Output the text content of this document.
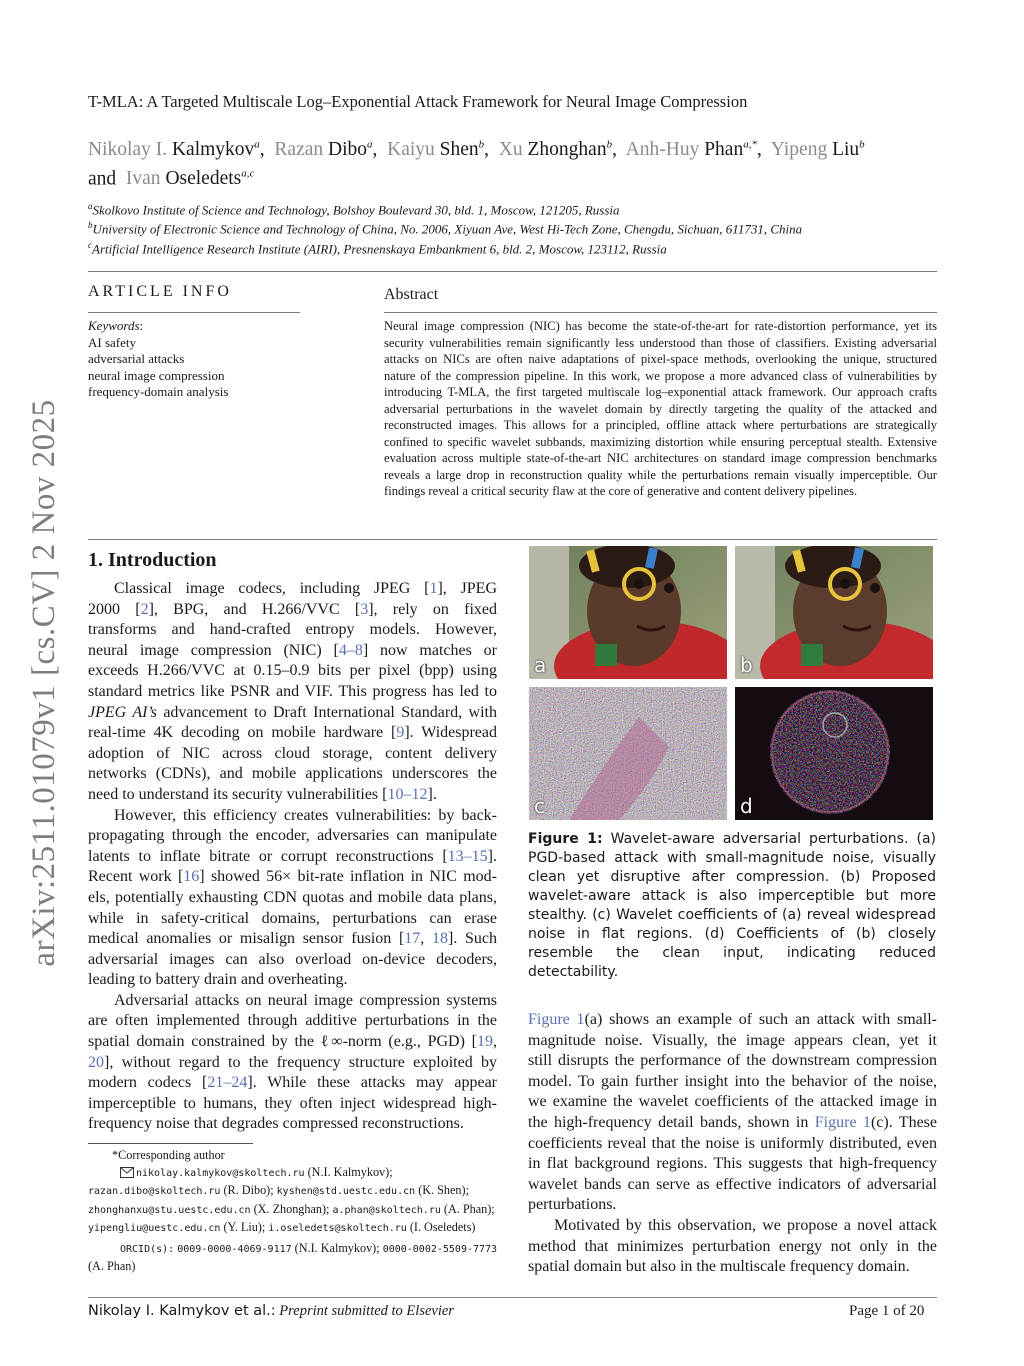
arXiv:2511.01079v1 [cs.CV] 2 Nov 2025
T-MLA: A Targeted Multiscale Log–Exponential Attack Framework for Neural Image Compression
Nikolay I. Kalmykov$^a$, Razan Dibo$^a$, Kaiyu Shen$^b$, Xu Zhonghan$^b$, Anh-Huy Phan$^{a,*}$, Yipeng Liu$^b$
and Ivan Oseledets$^{a,c}$
$^a$Skolkovo Institute of Science and Technology, Bolshoy Boulevard 30, bld. 1, Moscow, 121205, Russia
$^b$University of Electronic Science and Technology of China, No. 2006, Xiyuan Ave, West Hi-Tech Zone, Chengdu, Sichuan, 611731, China
$^c$Artificial Intelligence Research Institute (AIRI), Presnenskaya Embankment 6, bld. 2, Moscow, 123112, Russia
ARTICLE INFO
Keywords:
AI safety
adversarial attacks
neural image compression
frequency-domain analysis
Abstract
Neural image compression (NIC) has become the state-of-the-art for rate-distortion performance, yet its security vulnerabilities remain significantly less understood than those of classifiers. Existing adversarial attacks on NICs are often naive adaptations of pixel-space methods, overlooking the unique, structured nature of the compression pipeline. In this work, we propose a more advanced class of vulnerabilities by introducing T-MLA, the first targeted multiscale log–exponential attack framework. Our approach crafts adversarial perturbations in the wavelet domain by directly targeting the quality of the attacked and reconstructed images. This allows for a principled, offline attack where perturbations are strategically confined to specific wavelet subbands, maximizing distortion while ensuring perceptual stealth. Extensive evaluation across multiple state-of-the-art NIC architectures on standard image compression benchmarks reveals a large drop in reconstruction quality while the perturbations remain visually imperceptible. Our findings reveal a critical security flaw at the core of generative and content delivery pipelines.
1. Introduction
Classical image codecs, including JPEG [1], JPEG
2000 [2], BPG, and H.266/VVC [3], rely on fixed
transforms and hand-crafted entropy models. However,
neural image compression (NIC) [4–8] now matches or
exceeds H.266/VVC at 0.15–0.9 bits per pixel (bpp) using
standard metrics like PSNR and VIF. This progress has led to
JPEG AI’s advancement to Draft International Standard, with
real-time 4K decoding on mobile hardware [9]. Widespread
adoption of NIC across cloud storage, content delivery
networks (CDNs), and mobile applications underscores the
need to understand its security vulnerabilities [10–12].
However, this efficiency creates vulnerabilities: by back-
propagating through the encoder, adversaries can manipulate
latents to inflate bitrate or corrupt reconstructions [13–15].
Recent work [16] showed 56× bit-rate inflation in NIC mod-
els, potentially exhausting CDN quotas and mobile data plans,
while in safety-critical domains, perturbations can erase
medical anomalies or misalign sensor fusion [17, 18]. Such
adversarial images can also overload on-device decoders,
leading to battery drain and overheating.
Adversarial attacks on neural image compression systems
are often implemented through additive perturbations in the
spatial domain constrained by the ℓ∞-norm (e.g., PGD) [19,
20], without regard to the frequency structure exploited by
modern codecs [21–24]. While these attacks may appear
imperceptible to humans, they often inject widespread high-
frequency noise that degrades compressed reconstructions.
a	b
c	d
Figure 1: Wavelet-aware adversarial perturbations. (a) PGD-based attack with small-magnitude noise, visually clean yet disruptive after compression. (b) Proposed wavelet-aware attack is also imperceptible but more stealthy. (c) Wavelet coefficients of (a) reveal widespread noise in flat regions. (d) Coefficients of (b) closely resemble the clean input, indicating reduced detectability.
Figure 1(a) shows an example of such an attack with small-
magnitude noise. Visually, the image appears clean, yet it
still disrupts the performance of the downstream compression
model. To gain further insight into the behavior of the noise,
we examine the wavelet coefficients of the attacked image in
the high-frequency detail bands, shown in Figure 1(c). These
coefficients reveal that the noise is uniformly distributed, even
in flat background regions. This suggests that high-frequency
wavelet bands can serve as effective indicators of adversarial
perturbations.
Motivated by this observation, we propose a novel attack
method that minimizes perturbation energy not only in the
spatial domain but also in the multiscale frequency domain.
*Corresponding author
nikolay.kalmykov@skoltech.ru (N.I. Kalmykov);
razan.dibo@skoltech.ru (R. Dibo); kyshen@std.uestc.edu.cn (K. Shen);
zhonghanxu@stu.uestc.edu.cn (X. Zhonghan); a.phan@skoltech.ru (A. Phan); yipengliu@uestc.edu.cn (Y. Liu); i.oseledets@skoltech.ru (I. Oseledets)
ORCID(s): 0009-0000-4069-9117 (N.I. Kalmykov); 0000-0002-5509-7773
(A. Phan)
Nikolay I. Kalmykov et al.: Preprint submitted to Elsevier	Page 1 of 20
